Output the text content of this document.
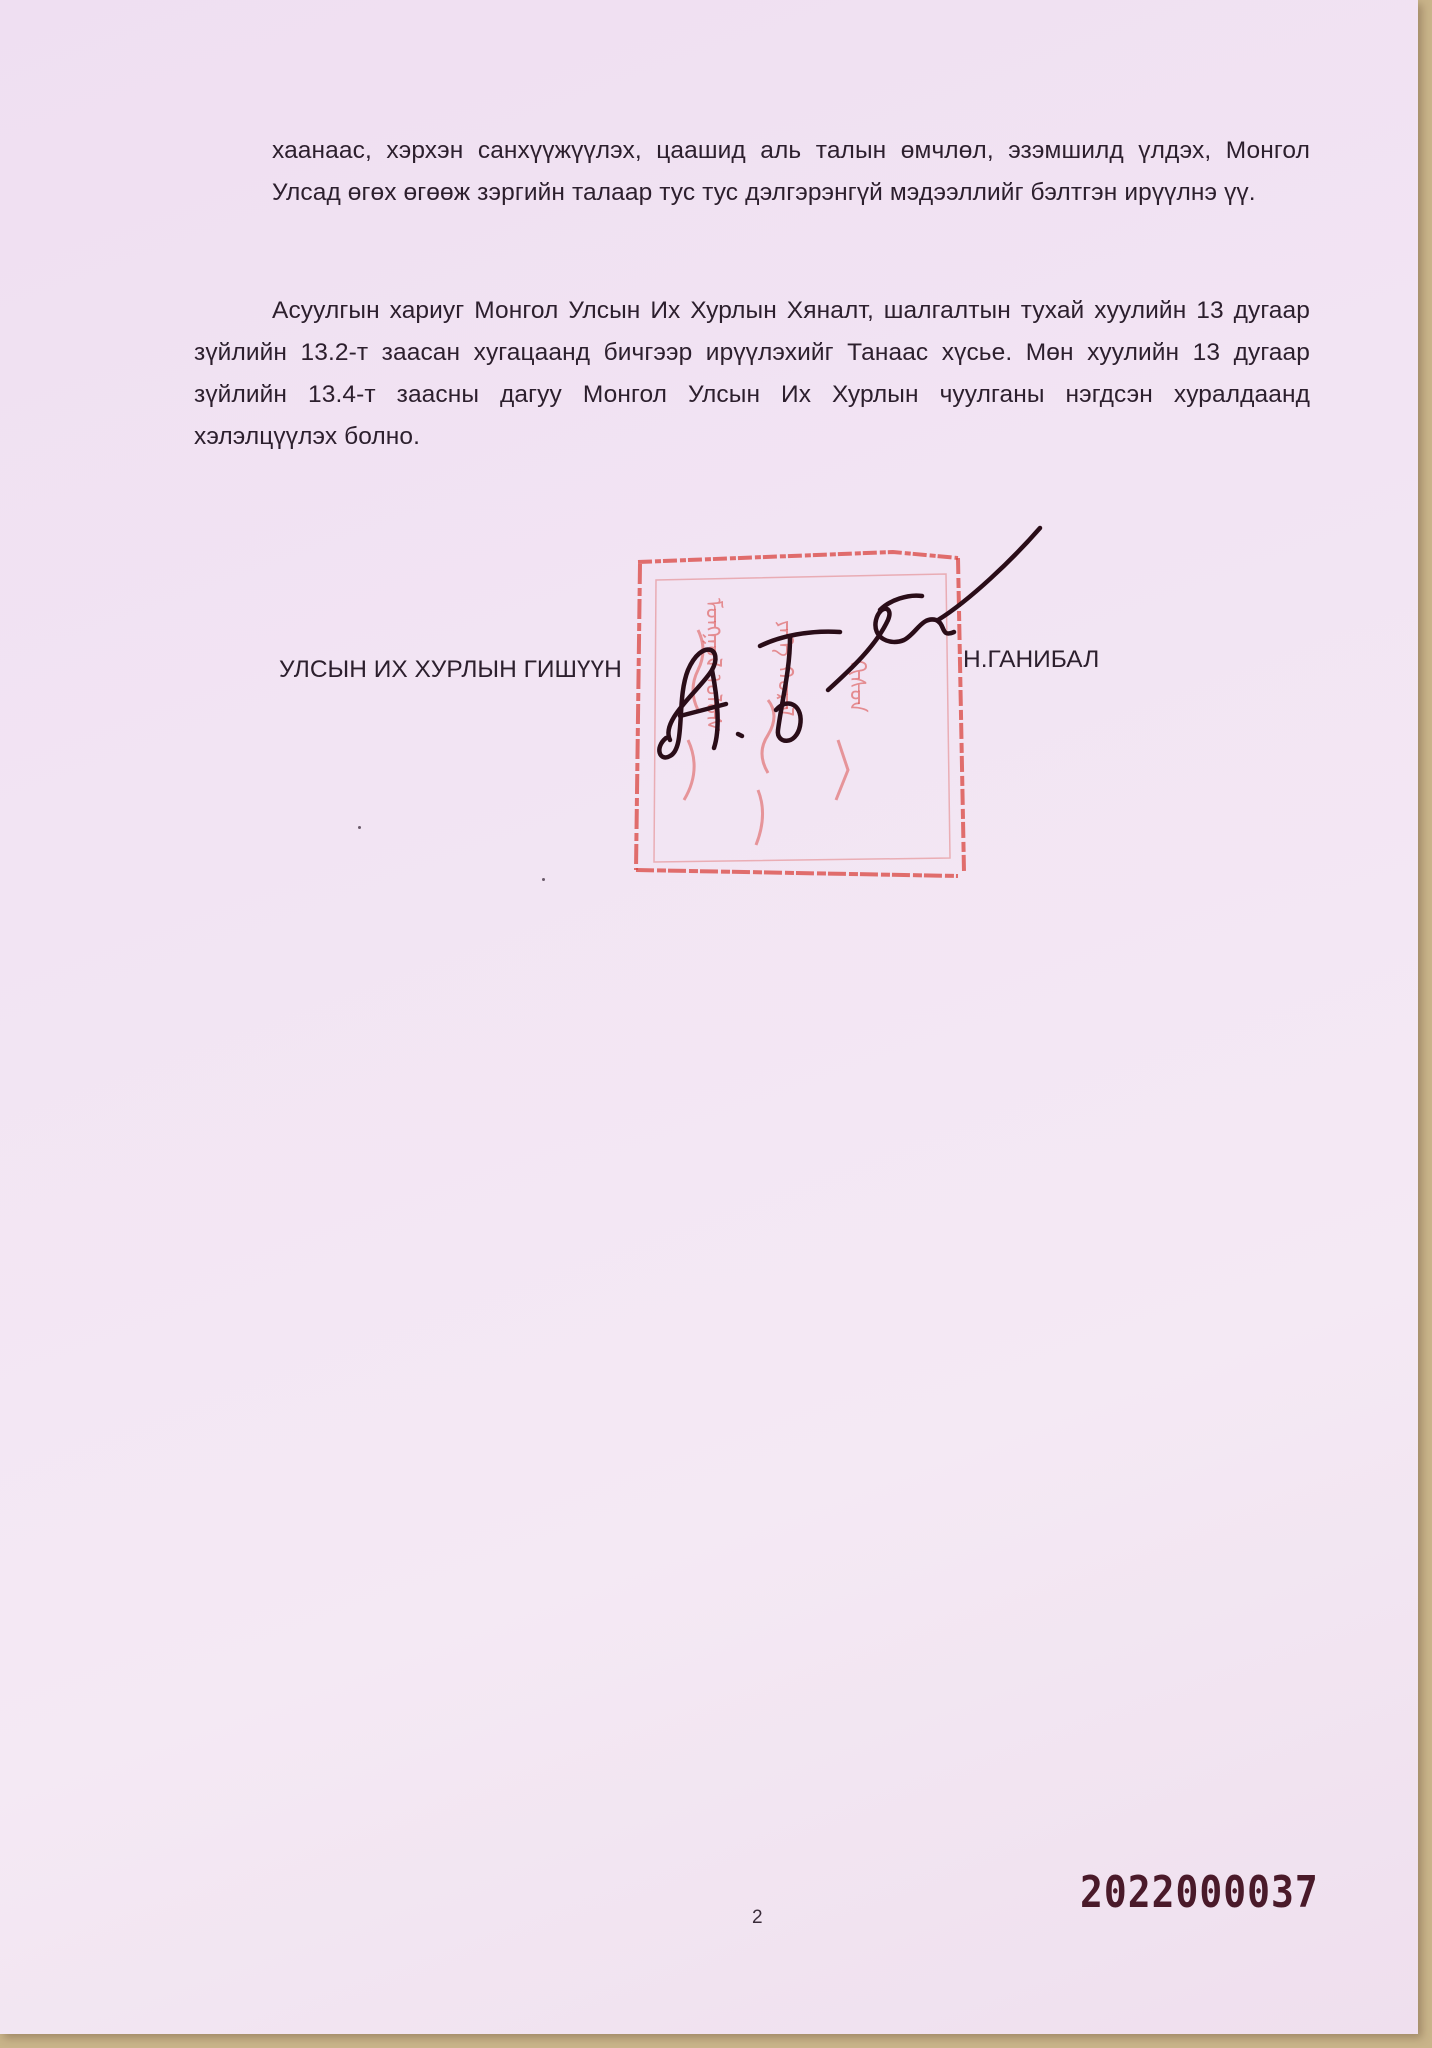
хаанаас, хэрхэн санхүүжүүлэх, цаашид аль талын өмчлөл, эзэмшилд үлдэх, Монгол Улсад өгөх өгөөж зэргийн талаар тус тус дэлгэрэнгүй мэдээллийг бэлтгэн ирүүлнэ үү.

Асуулгын хариуг Монгол Улсын Их Хурлын Хяналт, шалгалтын тухай хуулийн 13 дугаар зүйлийн 13.2-т заасан хугацаанд бичгээр ирүүлэхийг Танаас хүсье. Мөн хуулийн 13 дугаар зүйлийн 13.4-т заасны дагуу Монгол Улсын Их Хурлын чуулганы нэгдсэн хуралдаанд хэлэлцүүлэх болно.

УЛСЫН ИХ ХУРЛЫН ГИШҮҮН	Н.ГАНИБАЛ
ᠮᠣᠩᠭᠣᠯ ᠤᠯᠤᠰ ᠶᠡᠬᠡ ᠬᠤᠷᠠᠯ ᠭᠢᠰᠦᠨ
2
2022000037
